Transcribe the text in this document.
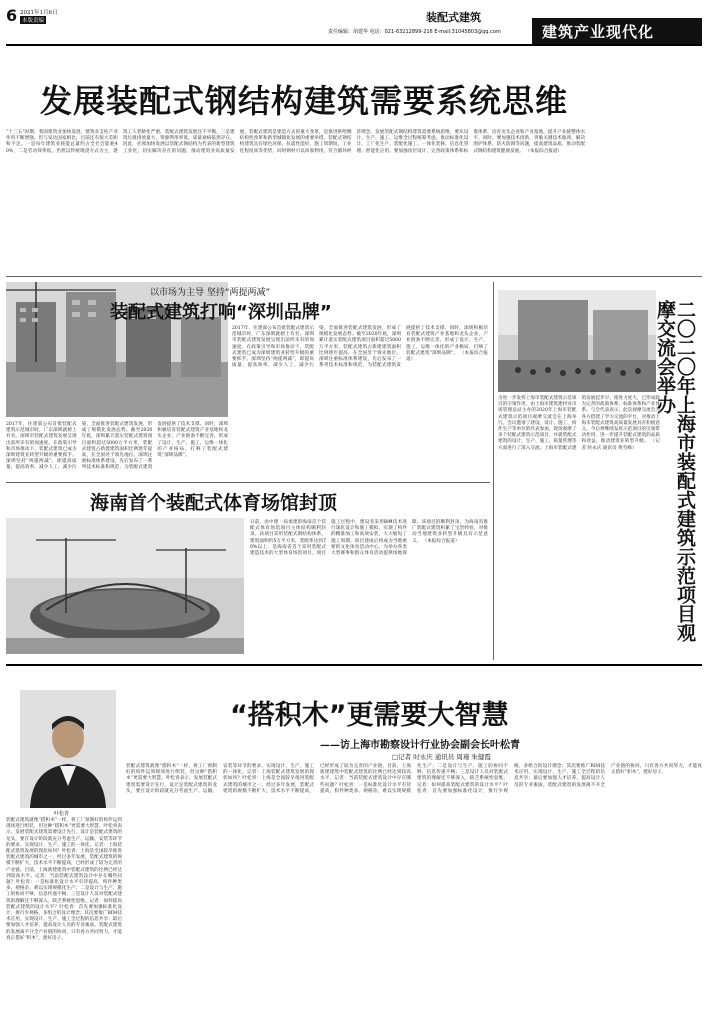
6 2021年1月6日
本版责编	装配式建筑
责任编辑：胡建华 电话：021-63212899-216 E-mail:31045803@qq.com	建筑产业现代化
发展装配式钢结构建筑需要系统思维
“十三五”时期，我国建筑业加快发展，建筑业支柱产业作用不断增强，但与发达国家相比，目前还有很大差距和不足。一是每年建筑业耗能总量约占全社会能耗40%，二是劳动效率低，仍然以传统现浇方式为主，建筑工人老龄化严重，装配式建筑发展还不平衡，三是建筑垃圾排放量大，资源利用率低，质量通病依然存在。因此，必须加快发展以装配式钢结构为代表的新型建筑工业化，切实解决存在的问题，推动建筑业高质量发展。装配式建筑是建造方式的重大变革，是推进供给侧结构性改革和新型城镇化发展的重要举措。装配式钢结构建筑具有绿色环保、抗震性能好、施工周期短、工业化程度高等优势，同时钢材可以回收利用，符合循环经济理念。发展装配式钢结构建筑需要系统思维，要从设计、生产、施工、运维全过程统筹考虑，推动标准化设计、工厂化生产、装配化施工、一体化装修、信息化管理、智能化应用。要加强顶层设计，完善政策体系和标准体系，培育龙头企业和产业基地，提升产业链整体水平。同时，要加强技术创新，突破关键技术瓶颈，解决围护体系、防火防腐等问题，提高建筑品质，推动装配式钢结构建筑健康发展。 （本报综合报道）
以市场为主导 坚持“两提两减”
装配式建筑打响“深圳品牌”
2017年，住建部公布首批装配式建筑示范城市时，广东深圳就榜上有名。深圳市装配式建筑发展呈现出前所未有的加速度。在政策引导和市场推动下，装配式建筑已成为深圳建筑业转型升级的重要抓手。深圳坚持“两提两减”，即提高质量、提高效率，减少人工、减少污染，全面推进装配式建筑发展，形成了规模化发展态势。截至2020年底，深圳累计落实装配式建筑项目面积超过5000万平方米，装配式建筑占新建建筑面积比例逐年提高，在全国处于领先地位。深圳注重标准体系建设，先后发布了一系列技术标准和规范，为装配式建筑发展提供了技术支撑。同时，深圳积极培育装配式建筑产业基地和龙头企业，产业链条不断完善，形成了设计、生产、施工、运维一体化的产业格局，打响了装配式建筑“深圳品牌”。 （本报综合报道）
2017年，住建部公布首批装配式建筑示范城市时，广东深圳就榜上有名。深圳市装配式建筑发展呈现出前所未有的加速度。在政策引导和市场推动下，装配式建筑已成为深圳建筑业转型升级的重要抓手。深圳坚持“两提两减”，即提高质量、提高效率，减少人工、减少污染，全面推进装配式建筑发展，形成了规模化发展态势。截至2020年底，深圳累计落实装配式建筑项目面积超过5000万平方米，装配式建筑占新建建筑面积比例逐年提高，在全国处于领先地位。深圳注重标准体系建设，先后发布了一系列技术标准和规范，为装配式建筑发展提供了技术支撑。同时，深圳积极培育装配式建筑产业基地和龙头企业，产业链条不断完善，形成了设计、生产、施工、运维一体化的产业格局，打响了装配式建筑“深圳品牌”。
海南首个装配式体育场馆封顶
日前，由中建一局承建的海南首个装配式体育场馆项目主体结构顺利封顶。该项目采用装配式钢结构体系，建筑面积约5万平方米，装配率达到70%以上，是海南省首个采用装配式建造技术的大型体育场馆项目。项目施工过程中，建设者采用BIM技术进行深化设计和施工模拟，实现了构件的精准加工和高效安装，大大缩短了施工周期。项目建成后将成为当地重要的文化体育活动中心，为举办各类大型赛事和群众体育活动提供场地保障。该项目的顺利封顶，为海南省推广装配式建筑积累了宝贵经验，对推动当地建筑业转型升级具有示范意义。 （本报综合报道）	二〇二〇年上海市装配式建筑示范项目观摩交流会举办
为进一步发挥上海市装配式建筑示范项目的引领作用，由上海市建筑建材业市场管理总站主办的2020年上海市装配式建筑示范项目观摩交流会在上海举行。会议邀请了建设、设计、施工、构件生产等单位的代表参加，现场观摩了多个装配式建筑示范项目，并就装配式建筑的设计、生产、施工、质量管理等方面进行了深入交流。上海市装配式建筑发展起步早、推进力度大，已形成较为完善的政策体系、标准体系和产业体系。与会代表表示，此次观摩交流会为各方搭建了学习交流的平台，对推动上海市装配式建筑高质量发展具有积极意义。今后将继续发挥示范项目的引领带动作用，进一步提升装配式建筑的品质和效益，推动建筑业转型升级。 （记者 时永庆 通讯员 黄雪峰）
叶松青
“搭积木”更需要大智慧
——访上海市勘察设计行业协会副会长叶松青
□记者 时永庆 通讯员 周瑾 朱健霞
装配式建筑就像“搭积木”一样，将工厂预制好的构件运到现场进行组装，但这种“搭积木”更需要大智慧。叶松青表示，发展装配式建筑需要设计先行，设计是装配式建筑的龙头，要在设计阶段就充分考虑生产、运输、安装等环节的要求，实现设计、生产、施工的一体化。记者：上海装配式建筑发展的现状如何？叶松青：上海是全国较早推进装配式建筑的城市之一，经过多年发展，装配式建筑的规模不断扩大，技术水平不断提高，已经形成了较为完善的产业链。目前，上海新建建筑中装配式建筑的比例已经达到较高水平。记者：当前装配式建筑设计中存在哪些问题？叶松青：一是标准化设计水平有待提高，构件种类多、规格杂，难以实现规模化生产；二是设计与生产、施工的协同不够，信息传递不畅；三是设计人员对装配式建筑的理解还不够深入，缺乏系统性思维。记者：如何提高装配式建筑的设计水平？叶松青：首先要加强标准化设计，推行少规格、多组合的设计理念；其次要推广BIM技术应用，实现设计、生产、施工全过程的信息共享；最后要加强人才培养，提高设计人员的专业素质。装配式建筑的发展离不开全产业链的协同，只有各方共同努力，才能真正搭好“积木”，建好房子。
装配式建筑就像“搭积木”一样，将工厂预制好的构件运到现场进行组装，但这种“搭积木”更需要大智慧。叶松青表示，发展装配式建筑需要设计先行，设计是装配式建筑的龙头，要在设计阶段就充分考虑生产、运输、安装等环节的要求，实现设计、生产、施工的一体化。记者：上海装配式建筑发展的现状如何？叶松青：上海是全国较早推进装配式建筑的城市之一，经过多年发展，装配式建筑的规模不断扩大，技术水平不断提高，已经形成了较为完善的产业链。目前，上海新建建筑中装配式建筑的比例已经达到较高水平。记者：当前装配式建筑设计中存在哪些问题？叶松青：一是标准化设计水平有待提高，构件种类多、规格杂，难以实现规模化生产；二是设计与生产、施工的协同不够，信息传递不畅；三是设计人员对装配式建筑的理解还不够深入，缺乏系统性思维。记者：如何提高装配式建筑的设计水平？叶松青：首先要加强标准化设计，推行少规格、多组合的设计理念；其次要推广BIM技术应用，实现设计、生产、施工全过程的信息共享；最后要加强人才培养，提高设计人员的专业素质。装配式建筑的发展离不开全产业链的协同，只有各方共同努力，才能真正搭好“积木”，建好房子。
